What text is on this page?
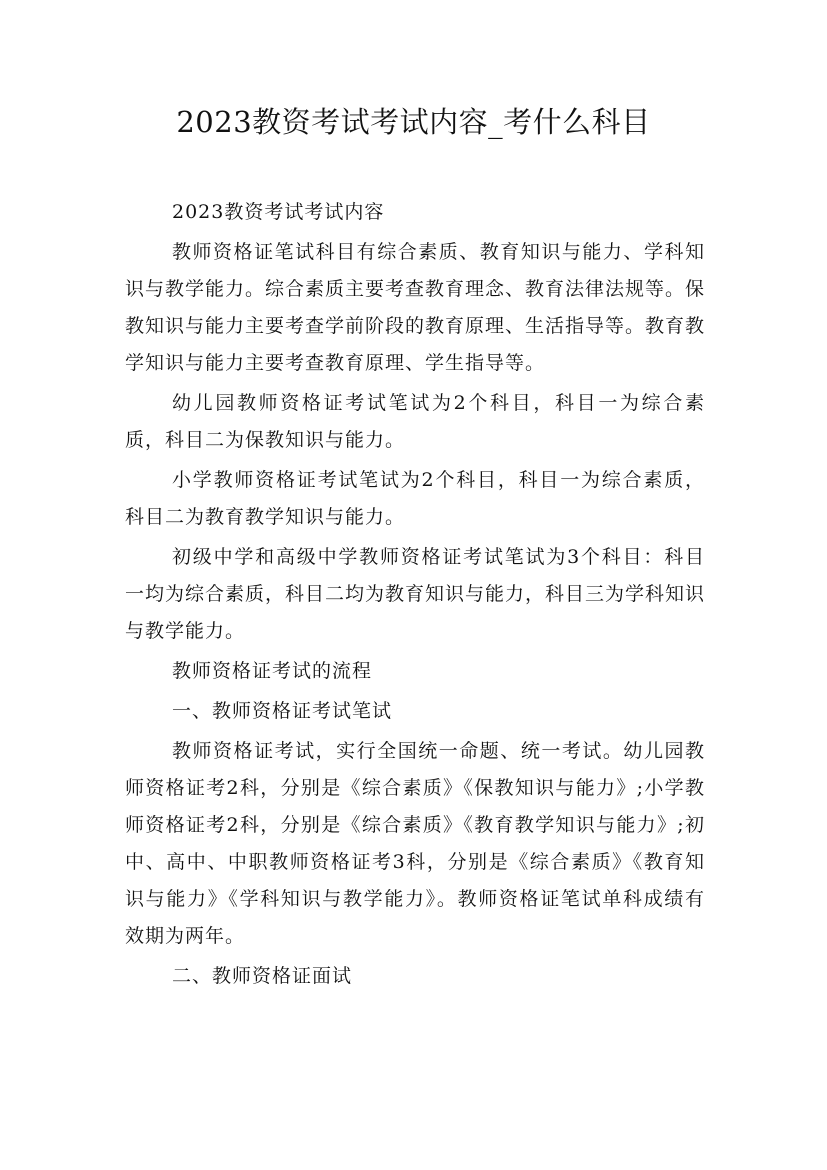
2023教资考试考试内容_考什么科目

2023教资考试考试内容

教师资格证笔试科目有综合素质、教育知识与能力、学科知识与教学能力。综合素质主要考查教育理念、教育法律法规等。保教知识与能力主要考查学前阶段的教育原理、生活指导等。教育教学知识与能力主要考查教育原理、学生指导等。

幼儿园教师资格证考试笔试为2个科目，科目一为综合素质，科目二为保教知识与能力。

小学教师资格证考试笔试为2个科目，科目一为综合素质，科目二为教育教学知识与能力。

初级中学和高级中学教师资格证考试笔试为3个科目：科目一均为综合素质，科目二均为教育知识与能力，科目三为学科知识与教学能力。

教师资格证考试的流程

一、教师资格证考试笔试

教师资格证考试，实行全国统一命题、统一考试。幼儿园教师资格证考2科，分别是《综合素质》《保教知识与能力》;小学教师资格证考2科，分别是《综合素质》《教育教学知识与能力》;初中、高中、中职教师资格证考3科，分别是《综合素质》《教育知识与能力》《学科知识与教学能力》。教师资格证笔试单科成绩有效期为两年。

二、教师资格证面试
